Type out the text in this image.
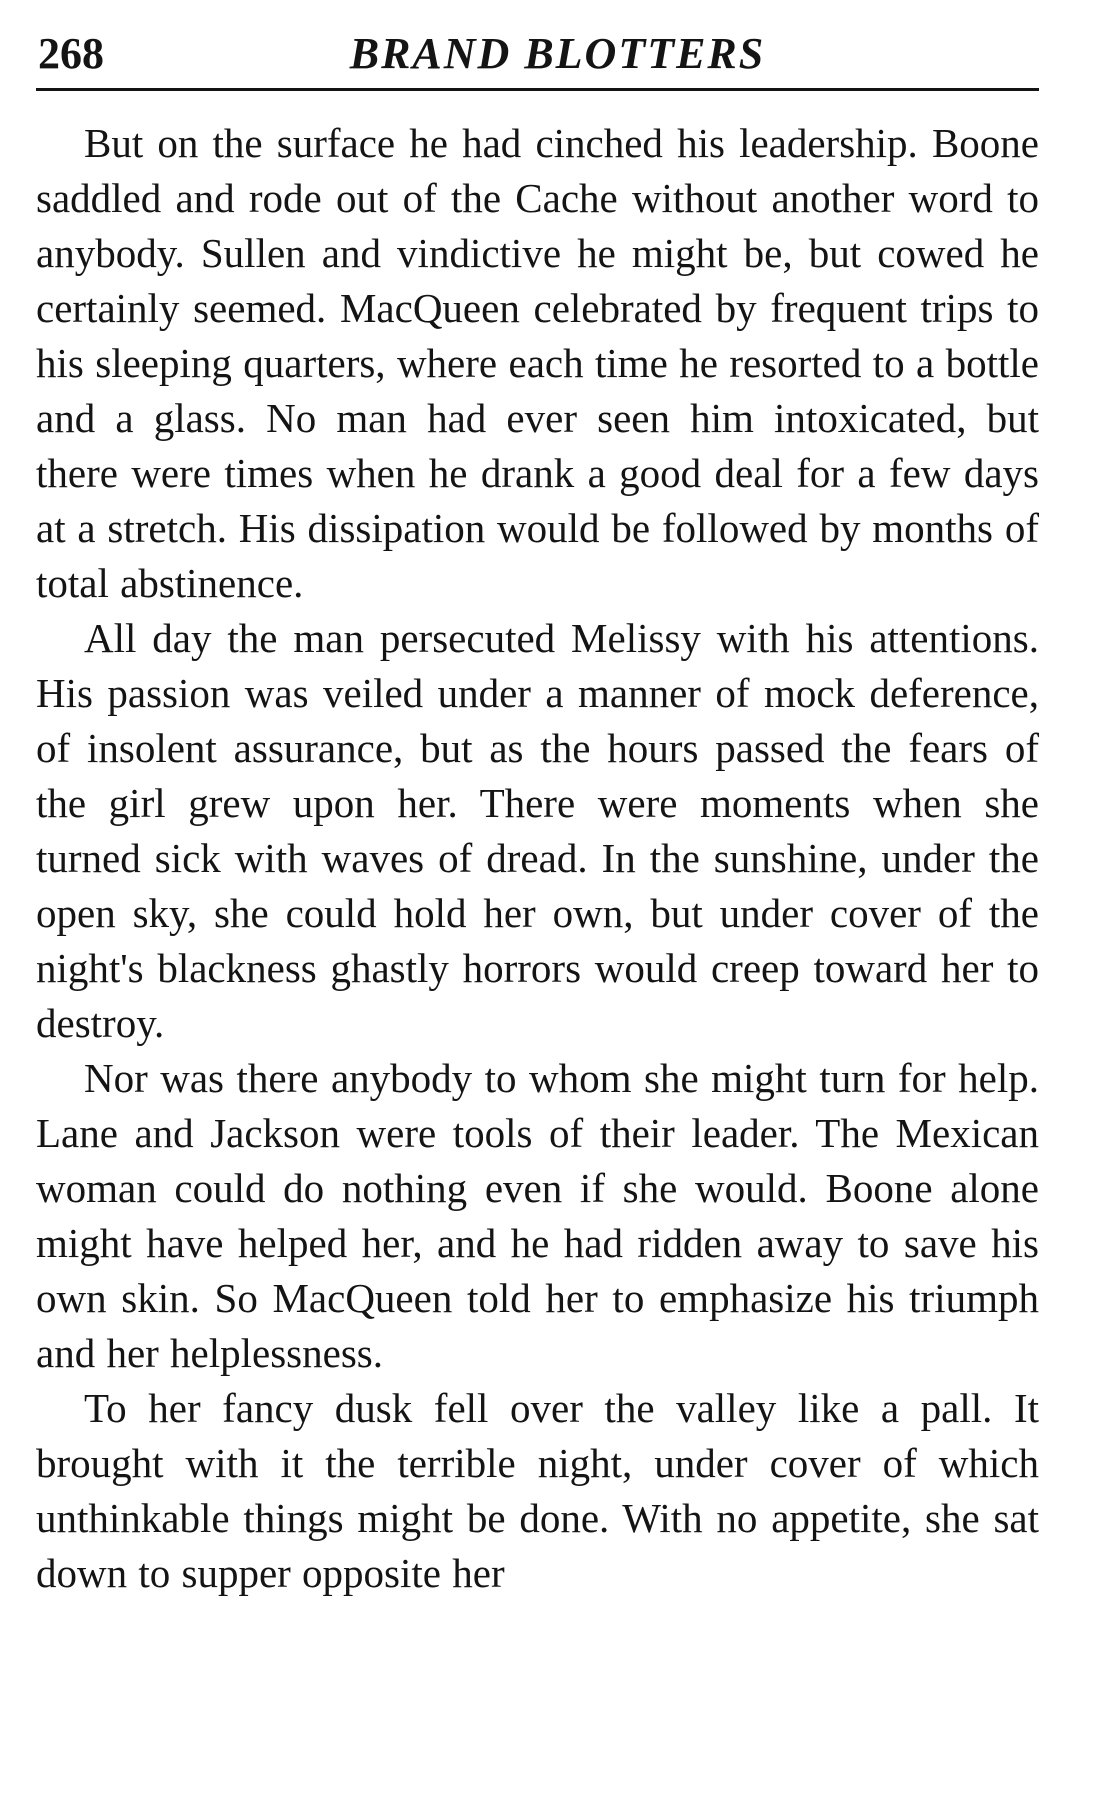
268	BRAND BLOTTERS

But on the surface he had cinched his leadership. Boone saddled and rode out of the Cache without another word to anybody. Sullen and vindictive he might be, but cowed he certainly seemed. MacQueen celebrated by frequent trips to his sleeping quarters, where each time he resorted to a bottle and a glass. No man had ever seen him intoxicated, but there were times when he drank a good deal for a few days at a stretch. His dissipation would be followed by months of total abstinence.

All day the man persecuted Melissy with his attentions. His passion was veiled under a manner of mock deference, of insolent assurance, but as the hours passed the fears of the girl grew upon her. There were moments when she turned sick with waves of dread. In the sunshine, under the open sky, she could hold her own, but under cover of the night's blackness ghastly horrors would creep toward her to destroy.

Nor was there anybody to whom she might turn for help. Lane and Jackson were tools of their leader. The Mexican woman could do nothing even if she would. Boone alone might have helped her, and he had ridden away to save his own skin. So MacQueen told her to emphasize his triumph and her helplessness.

To her fancy dusk fell over the valley like a pall. It brought with it the terrible night, under cover of which unthinkable things might be done. With no appetite, she sat down to supper opposite her
